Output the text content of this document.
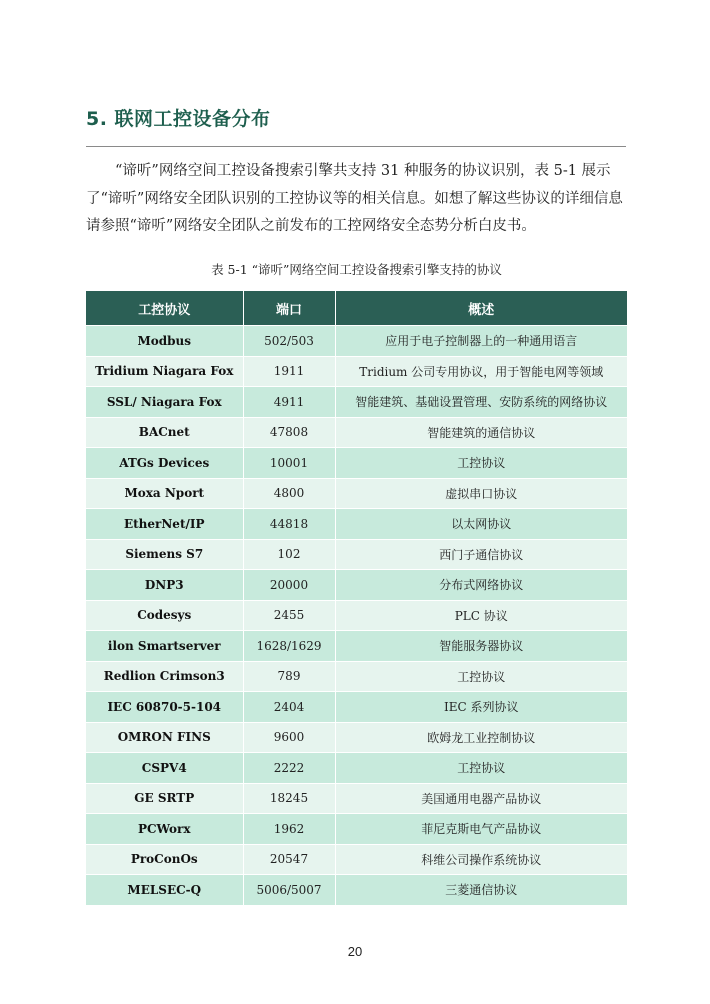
5. 联网工控设备分布

“谛听”网络空间工控设备搜索引擎共支持 31 种服务的协议识别，表 5-1 展示了“谛听”网络安全团队识别的工控协议等的相关信息。如想了解这些协议的详细信息请参照“谛听”网络安全团队之前发布的工控网络安全态势分析白皮书。

表 5-1 “谛听”网络空间工控设备搜索引擎支持的协议
工控协议	端口	概述
Modbus	502/503	应用于电子控制器上的一种通用语言
Tridium Niagara Fox	1911	Tridium 公司专用协议，用于智能电网等领域
SSL/ Niagara Fox	4911	智能建筑、基础设置管理、安防系统的网络协议
BACnet	47808	智能建筑的通信协议
ATGs Devices	10001	工控协议
Moxa Nport	4800	虚拟串口协议
EtherNet/IP	44818	以太网协议
Siemens S7	102	西门子通信协议
DNP3	20000	分布式网络协议
Codesys	2455	PLC 协议
ilon Smartserver	1628/1629	智能服务器协议
Redlion Crimson3	789	工控协议
IEC 60870-5-104	2404	IEC 系列协议
OMRON FINS	9600	欧姆龙工业控制协议
CSPV4	2222	工控协议
GE SRTP	18245	美国通用电器产品协议
PCWorx	1962	菲尼克斯电气产品协议
ProConOs	20547	科维公司操作系统协议
MELSEC-Q	5006/5007	三菱通信协议
20
